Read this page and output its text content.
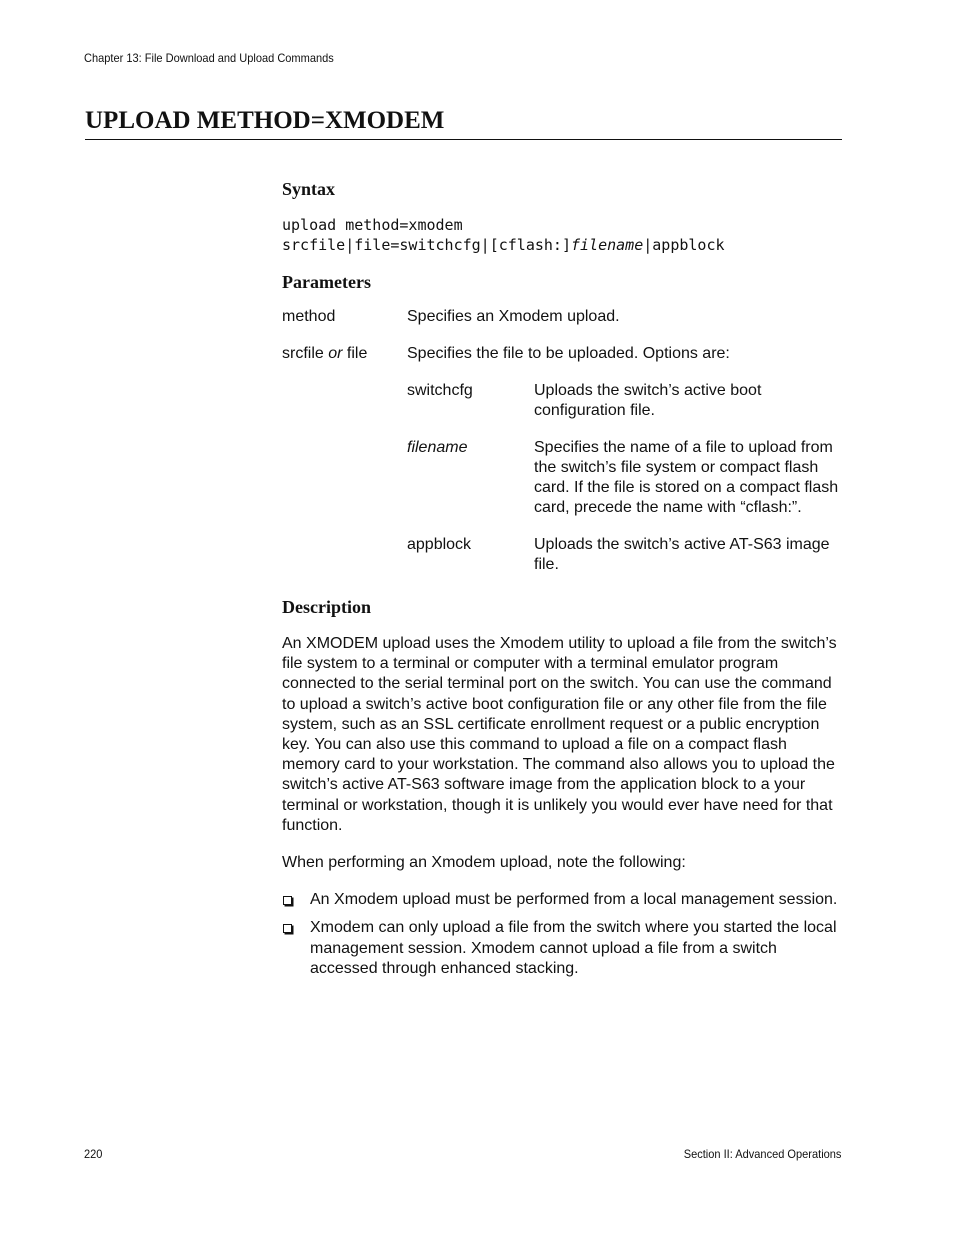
Chapter 13: File Download and Upload Commands
UPLOAD METHOD=XMODEM
Syntax
upload method=xmodem
srcfile|file=switchcfg|[cflash:]filename|appblock
Parameters
method	Specifies an Xmodem upload.
srcfile or file	Specifies the file to be uploaded. Options are:
switchcfg	Uploads the switch’s active boot configuration file.
filename	Specifies the name of a file to upload from the switch’s file system or compact flash card. If the file is stored on a compact flash card, precede the name with “cflash:”.
appblock	Uploads the switch’s active AT-S63 image file.
Description

An XMODEM upload uses the Xmodem utility to upload a file from the switch’s file system to a terminal or computer with a terminal emulator program connected to the serial terminal port on the switch. You can use the command to upload a switch’s active boot configuration file or any other file from the file system, such as an SSL certificate enrollment request or a public encryption key. You can also use this command to upload a file on a compact flash memory card to your workstation. The command also allows you to upload the switch’s active AT-S63 software image from the application block to a your terminal or workstation, though it is unlikely you would ever have need for that function.

When performing an Xmodem upload, note the following:

An Xmodem upload must be performed from a local management session.
Xmodem can only upload a file from the switch where you started the local management session. Xmodem cannot upload a file from a switch accessed through enhanced stacking.
220	Section II: Advanced Operations
